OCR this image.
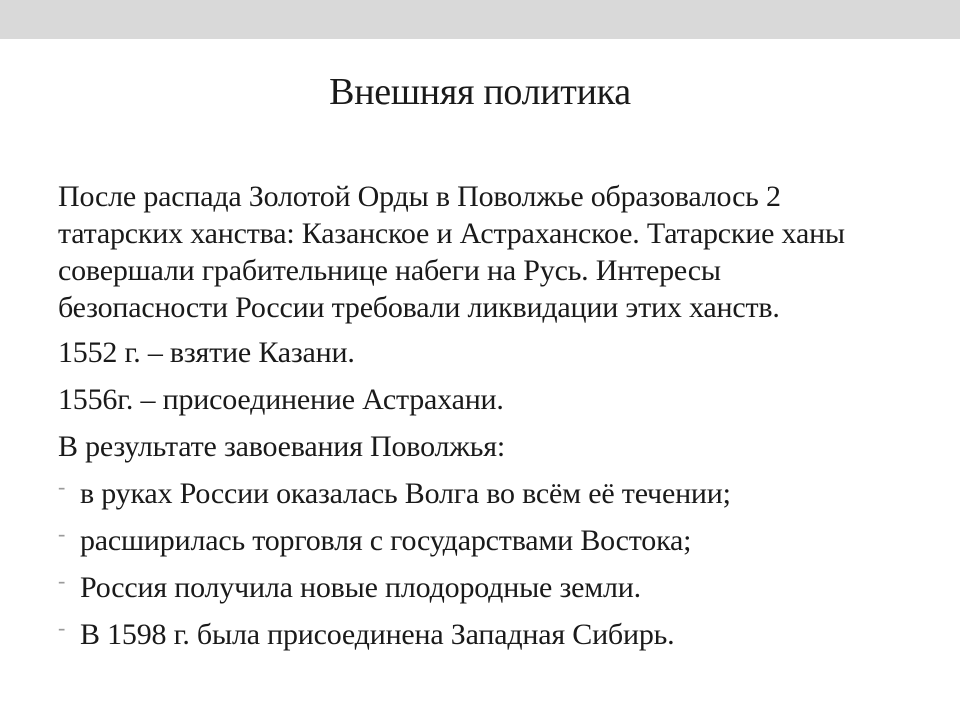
Внешняя политика

После распада Золотой Орды в Поволжье образовалось 2 татарских ханства: Казанское и Астраханское. Татарские ханы совершали грабительнице набеги на Русь. Интересы безопасности России требовали ликвидации этих ханств.

1552 г. – взятие Казани.

1556г. – присоединение Астрахани.

В результате завоевания Поволжья:

- в руках России оказалась Волга во всём её течении;
- расширилась торговля с государствами Востока;
- Россия получила новые плодородные земли.
- В 1598 г. была присоединена Западная Сибирь.
